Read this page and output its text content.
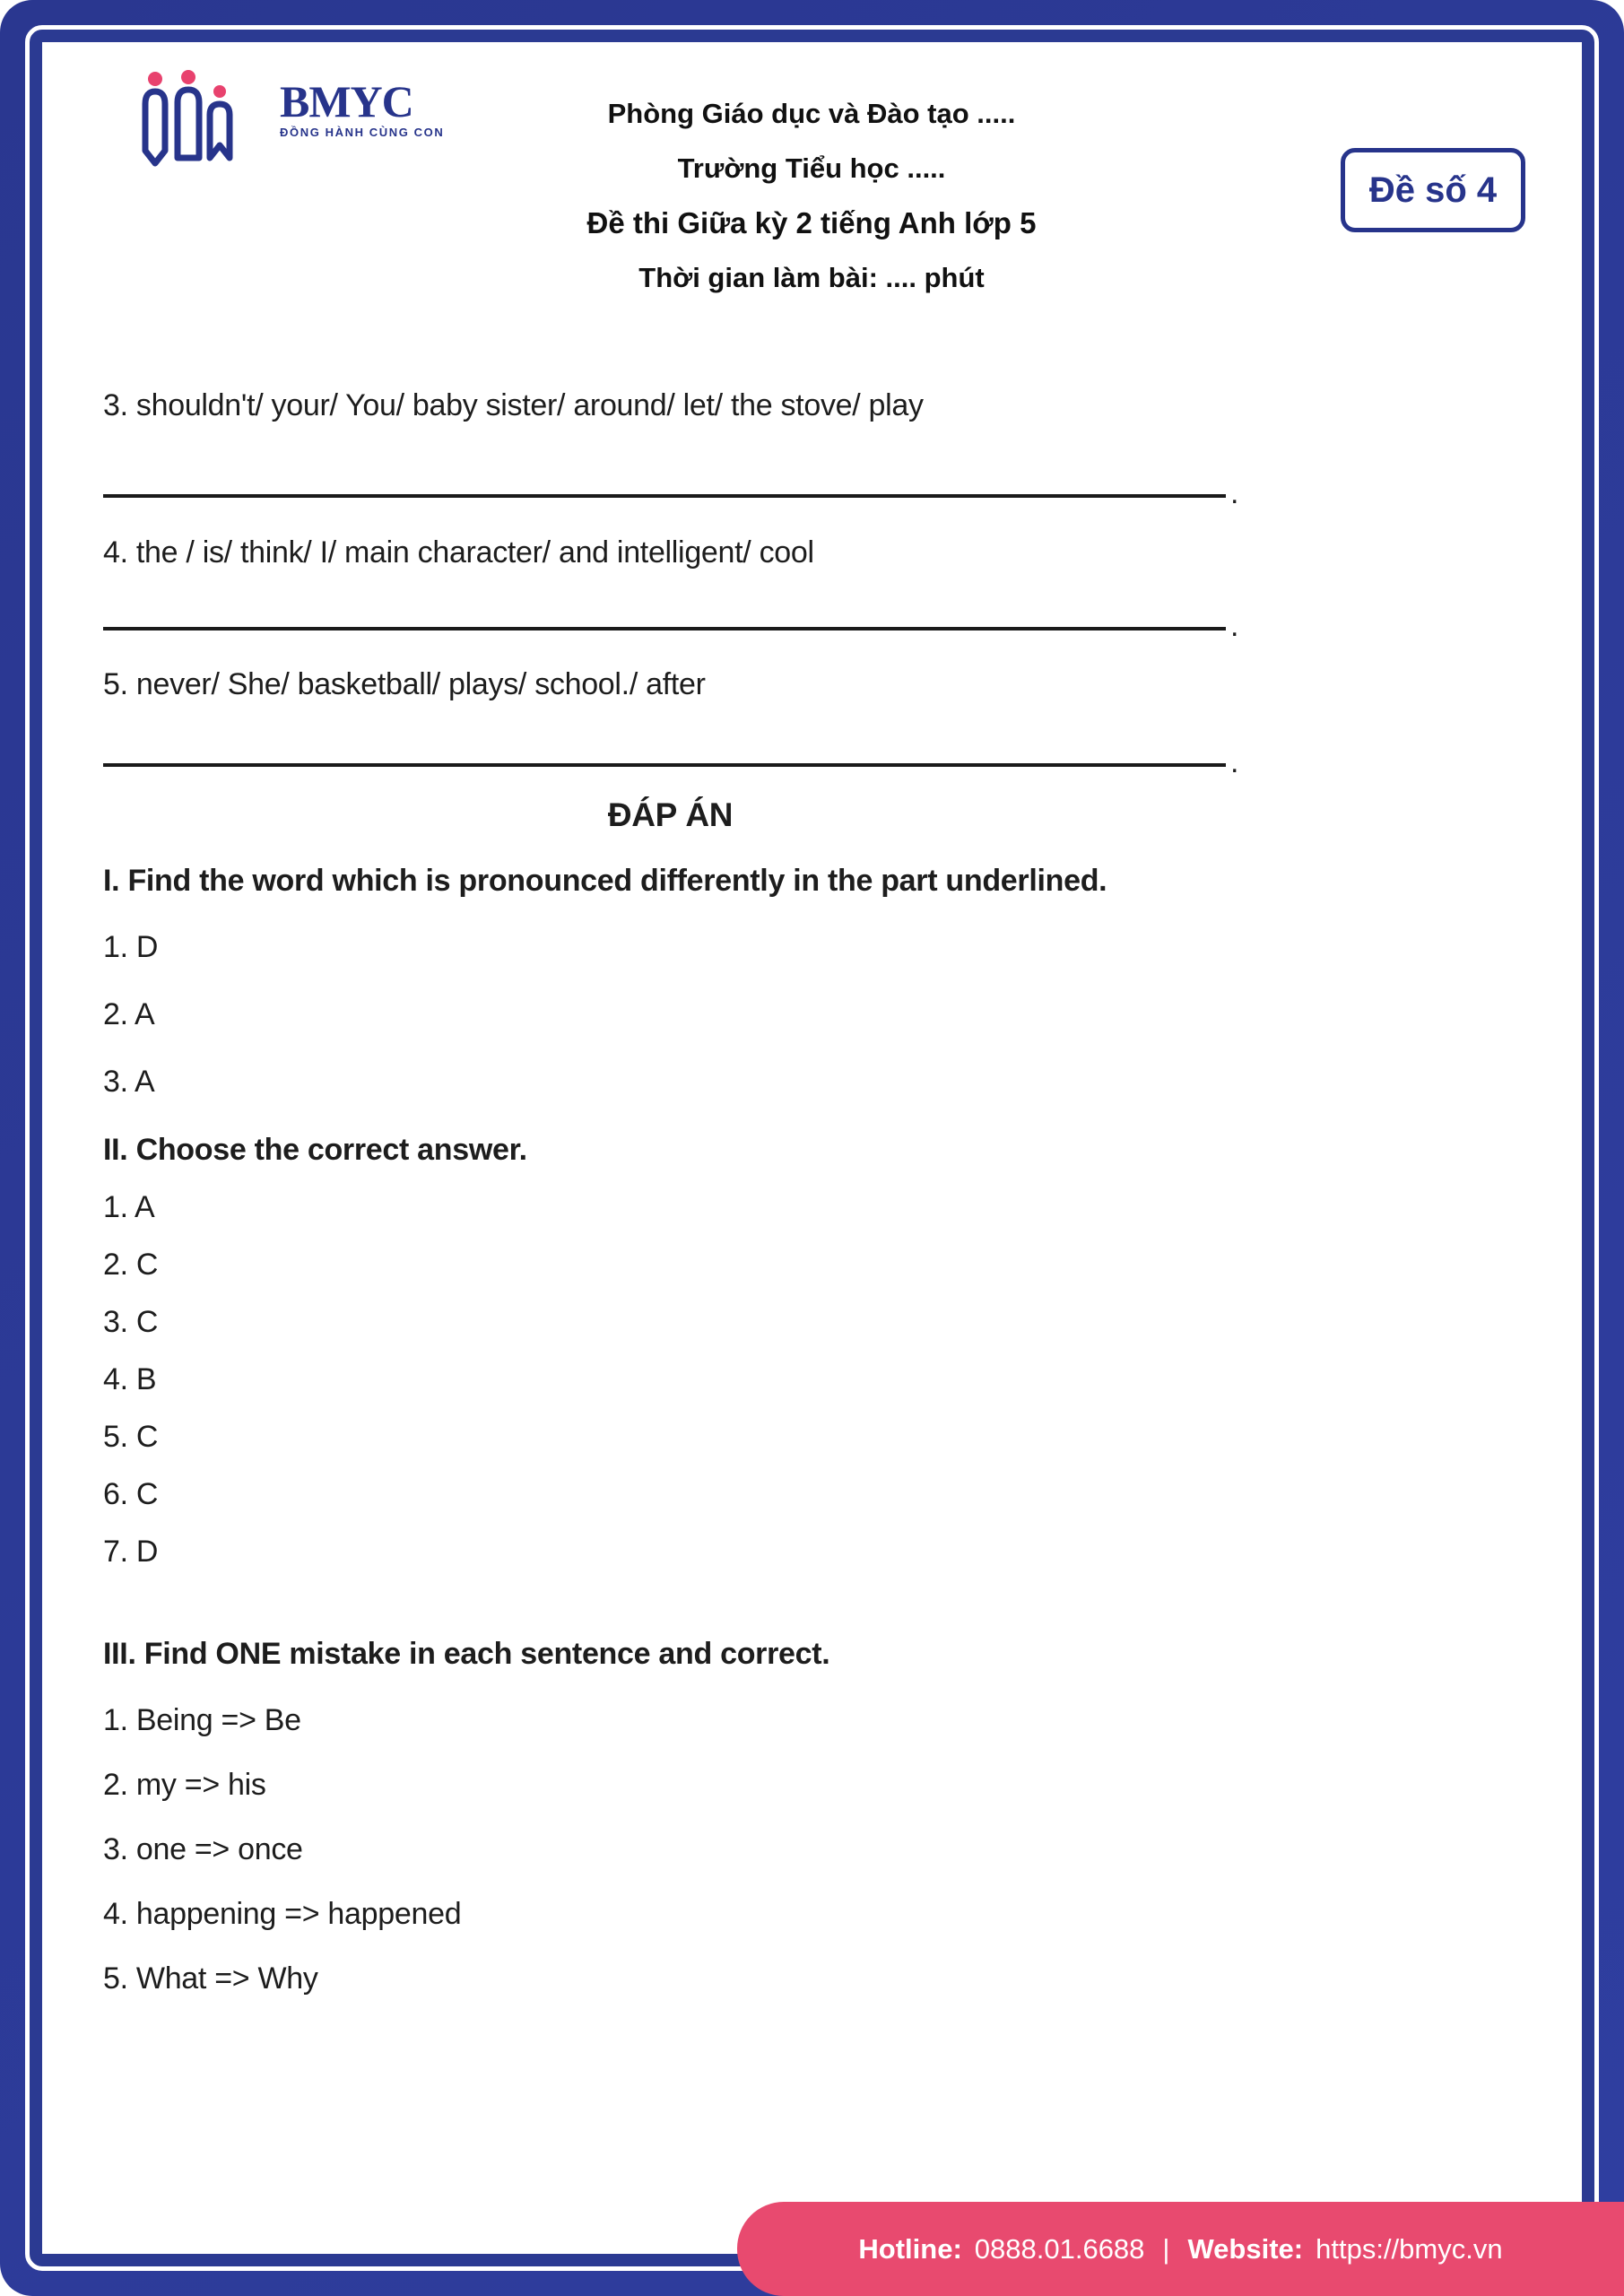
BMYC
ĐỒNG HÀNH CÙNG CON
Phòng Giáo dục và Đào tạo .....
Trường Tiểu học .....
Đề thi Giữa kỳ 2 tiếng Anh lớp 5
Thời gian làm bài: .... phút
Đề số 4
3. shouldn't/ your/ You/ baby sister/ around/ let/ the stove/ play
.
4. the / is/ think/ I/ main character/ and intelligent/ cool
.
5. never/ She/ basketball/ plays/ school./ after
.
ĐÁP ÁN
I. Find the word which is pronounced differently in the part underlined.
1. D
2. A
3. A
II. Choose the correct answer.
1. A
2. C
3. C
4. B
5. C
6. C
7. D
III. Find ONE mistake in each sentence and correct.
1. Being => Be
2. my => his
3. one => once
4. happening => happened
5. What => Why
Hotline: 0888.01.6688 | Website: https://bmyc.vn
